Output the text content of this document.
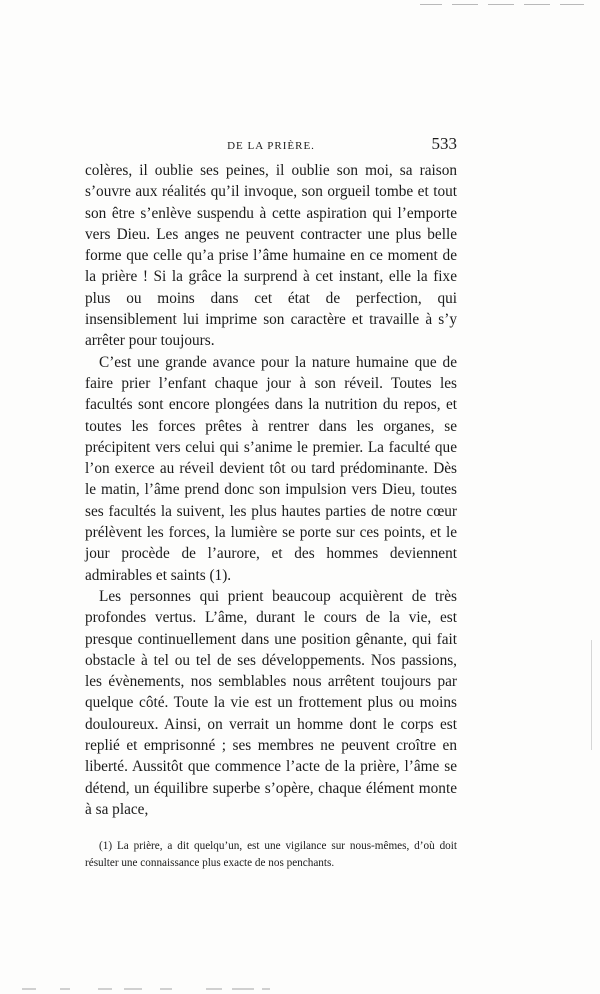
DE LA PRIÈRE.	533

colères, il oublie ses peines, il oublie son moi, sa raison s’ouvre aux réalités qu’il invoque, son orgueil tombe et tout son être s’enlève suspendu à cette aspiration qui l’emporte vers Dieu. Les anges ne peuvent contracter une plus belle forme que celle qu’a prise l’âme humaine en ce moment de la prière ! Si la grâce la surprend à cet instant, elle la fixe plus ou moins dans cet état de perfection, qui insensiblement lui imprime son caractère et travaille à s’y arrêter pour toujours.

C’est une grande avance pour la nature humaine que de faire prier l’enfant chaque jour à son réveil. Toutes les facultés sont encore plongées dans la nutrition du repos, et toutes les forces prêtes à rentrer dans les organes, se précipitent vers celui qui s’anime le premier. La faculté que l’on exerce au réveil devient tôt ou tard prédominante. Dès le matin, l’âme prend donc son impulsion vers Dieu, toutes ses facultés la suivent, les plus hautes parties de notre cœur prélèvent les forces, la lumière se porte sur ces points, et le jour procède de l’aurore, et des hommes deviennent admirables et saints (1).

Les personnes qui prient beaucoup acquièrent de très profondes vertus. L’âme, durant le cours de la vie, est presque continuellement dans une position gênante, qui fait obstacle à tel ou tel de ses développements. Nos passions, les évènements, nos semblables nous arrêtent toujours par quelque côté. Toute la vie est un frottement plus ou moins douloureux. Ainsi, on verrait un homme dont le corps est replié et emprisonné ; ses membres ne peuvent croître en liberté. Aussitôt que commence l’acte de la prière, l’âme se détend, un équilibre superbe s’opère, chaque élément monte à sa place,

(1) La prière, a dit quelqu’un, est une vigilance sur nous-mêmes, d’où doit résulter une connaissance plus exacte de nos penchants.
